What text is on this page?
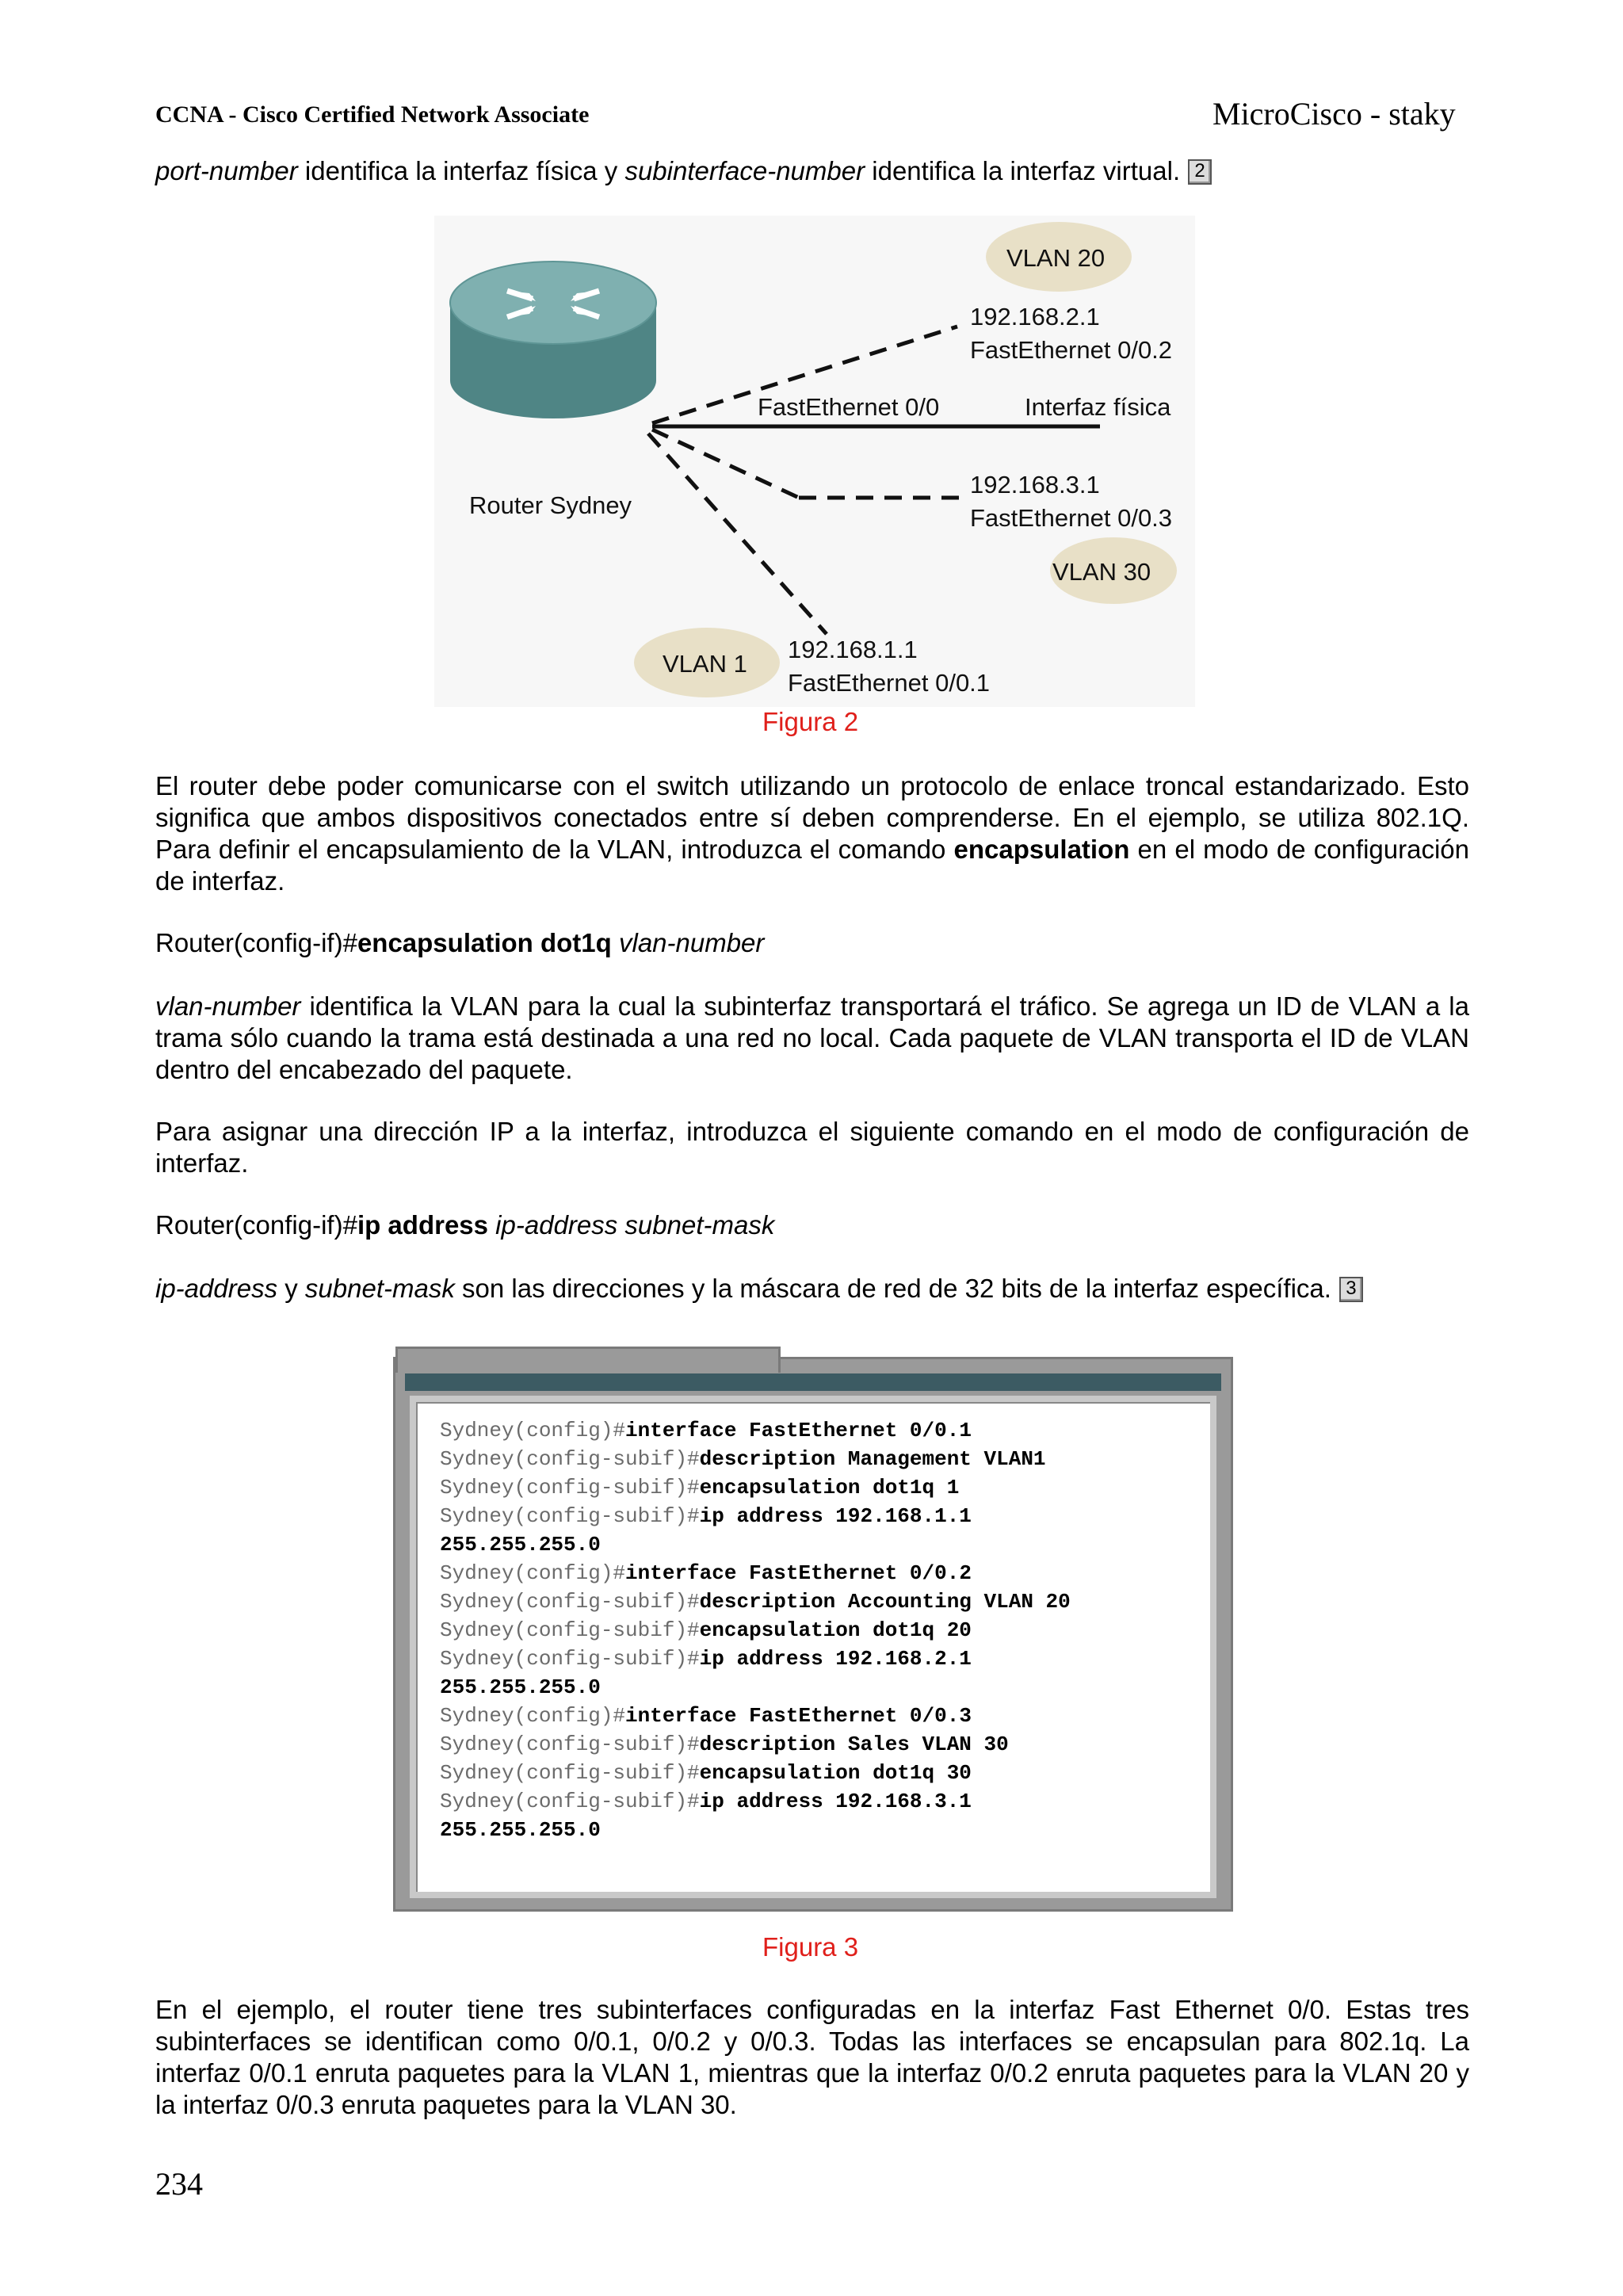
CCNA - Cisco Certified Network Associate	MicroCisco - staky
port-number identifica la interfaz física y subinterface-number identifica la interfaz virtual. 2
VLAN 20
192.168.2.1
FastEthernet 0/0.2
FastEthernet 0/0	Interfaz física
Router Sydney
192.168.3.1
FastEthernet 0/0.3
VLAN 30
VLAN 1
192.168.1.1
FastEthernet 0/0.1
Figura 2
El router debe poder comunicarse con el switch utilizando un protocolo de enlace troncal estandarizado. Esto significa que ambos dispositivos conectados entre sí deben comprenderse. En el ejemplo, se utiliza 802.1Q. Para definir el encapsulamiento de la VLAN, introduzca el comando encapsulation en el modo de configuración de interfaz.
Router(config-if)#encapsulation dot1q vlan-number
vlan-number identifica la VLAN para la cual la subinterfaz transportará el tráfico. Se agrega un ID de VLAN a la trama sólo cuando la trama está destinada a una red no local. Cada paquete de VLAN transporta el ID de VLAN dentro del encabezado del paquete.
Para asignar una dirección IP a la interfaz, introduzca el siguiente comando en el modo de configuración de interfaz.
Router(config-if)#ip address ip-address subnet-mask
ip-address y subnet-mask son las direcciones y la máscara de red de 32 bits de la interfaz específica. 3
Sydney(config)#interface FastEthernet 0/0.1
Sydney(config-subif)#description Management VLAN1
Sydney(config-subif)#encapsulation dot1q 1
Sydney(config-subif)#ip address 192.168.1.1
255.255.255.0
Sydney(config)#interface FastEthernet 0/0.2
Sydney(config-subif)#description Accounting VLAN 20
Sydney(config-subif)#encapsulation dot1q 20
Sydney(config-subif)#ip address 192.168.2.1
255.255.255.0
Sydney(config)#interface FastEthernet 0/0.3
Sydney(config-subif)#description Sales VLAN 30
Sydney(config-subif)#encapsulation dot1q 30
Sydney(config-subif)#ip address 192.168.3.1
255.255.255.0
Figura 3
En el ejemplo, el router tiene tres subinterfaces configuradas en la interfaz Fast Ethernet 0/0. Estas tres subinterfaces se identifican como 0/0.1, 0/0.2 y 0/0.3. Todas las interfaces se encapsulan para 802.1q. La interfaz 0/0.1 enruta paquetes para la VLAN 1, mientras que la interfaz 0/0.2 enruta paquetes para la VLAN 20 y la interfaz 0/0.3 enruta paquetes para la VLAN 30.
234
